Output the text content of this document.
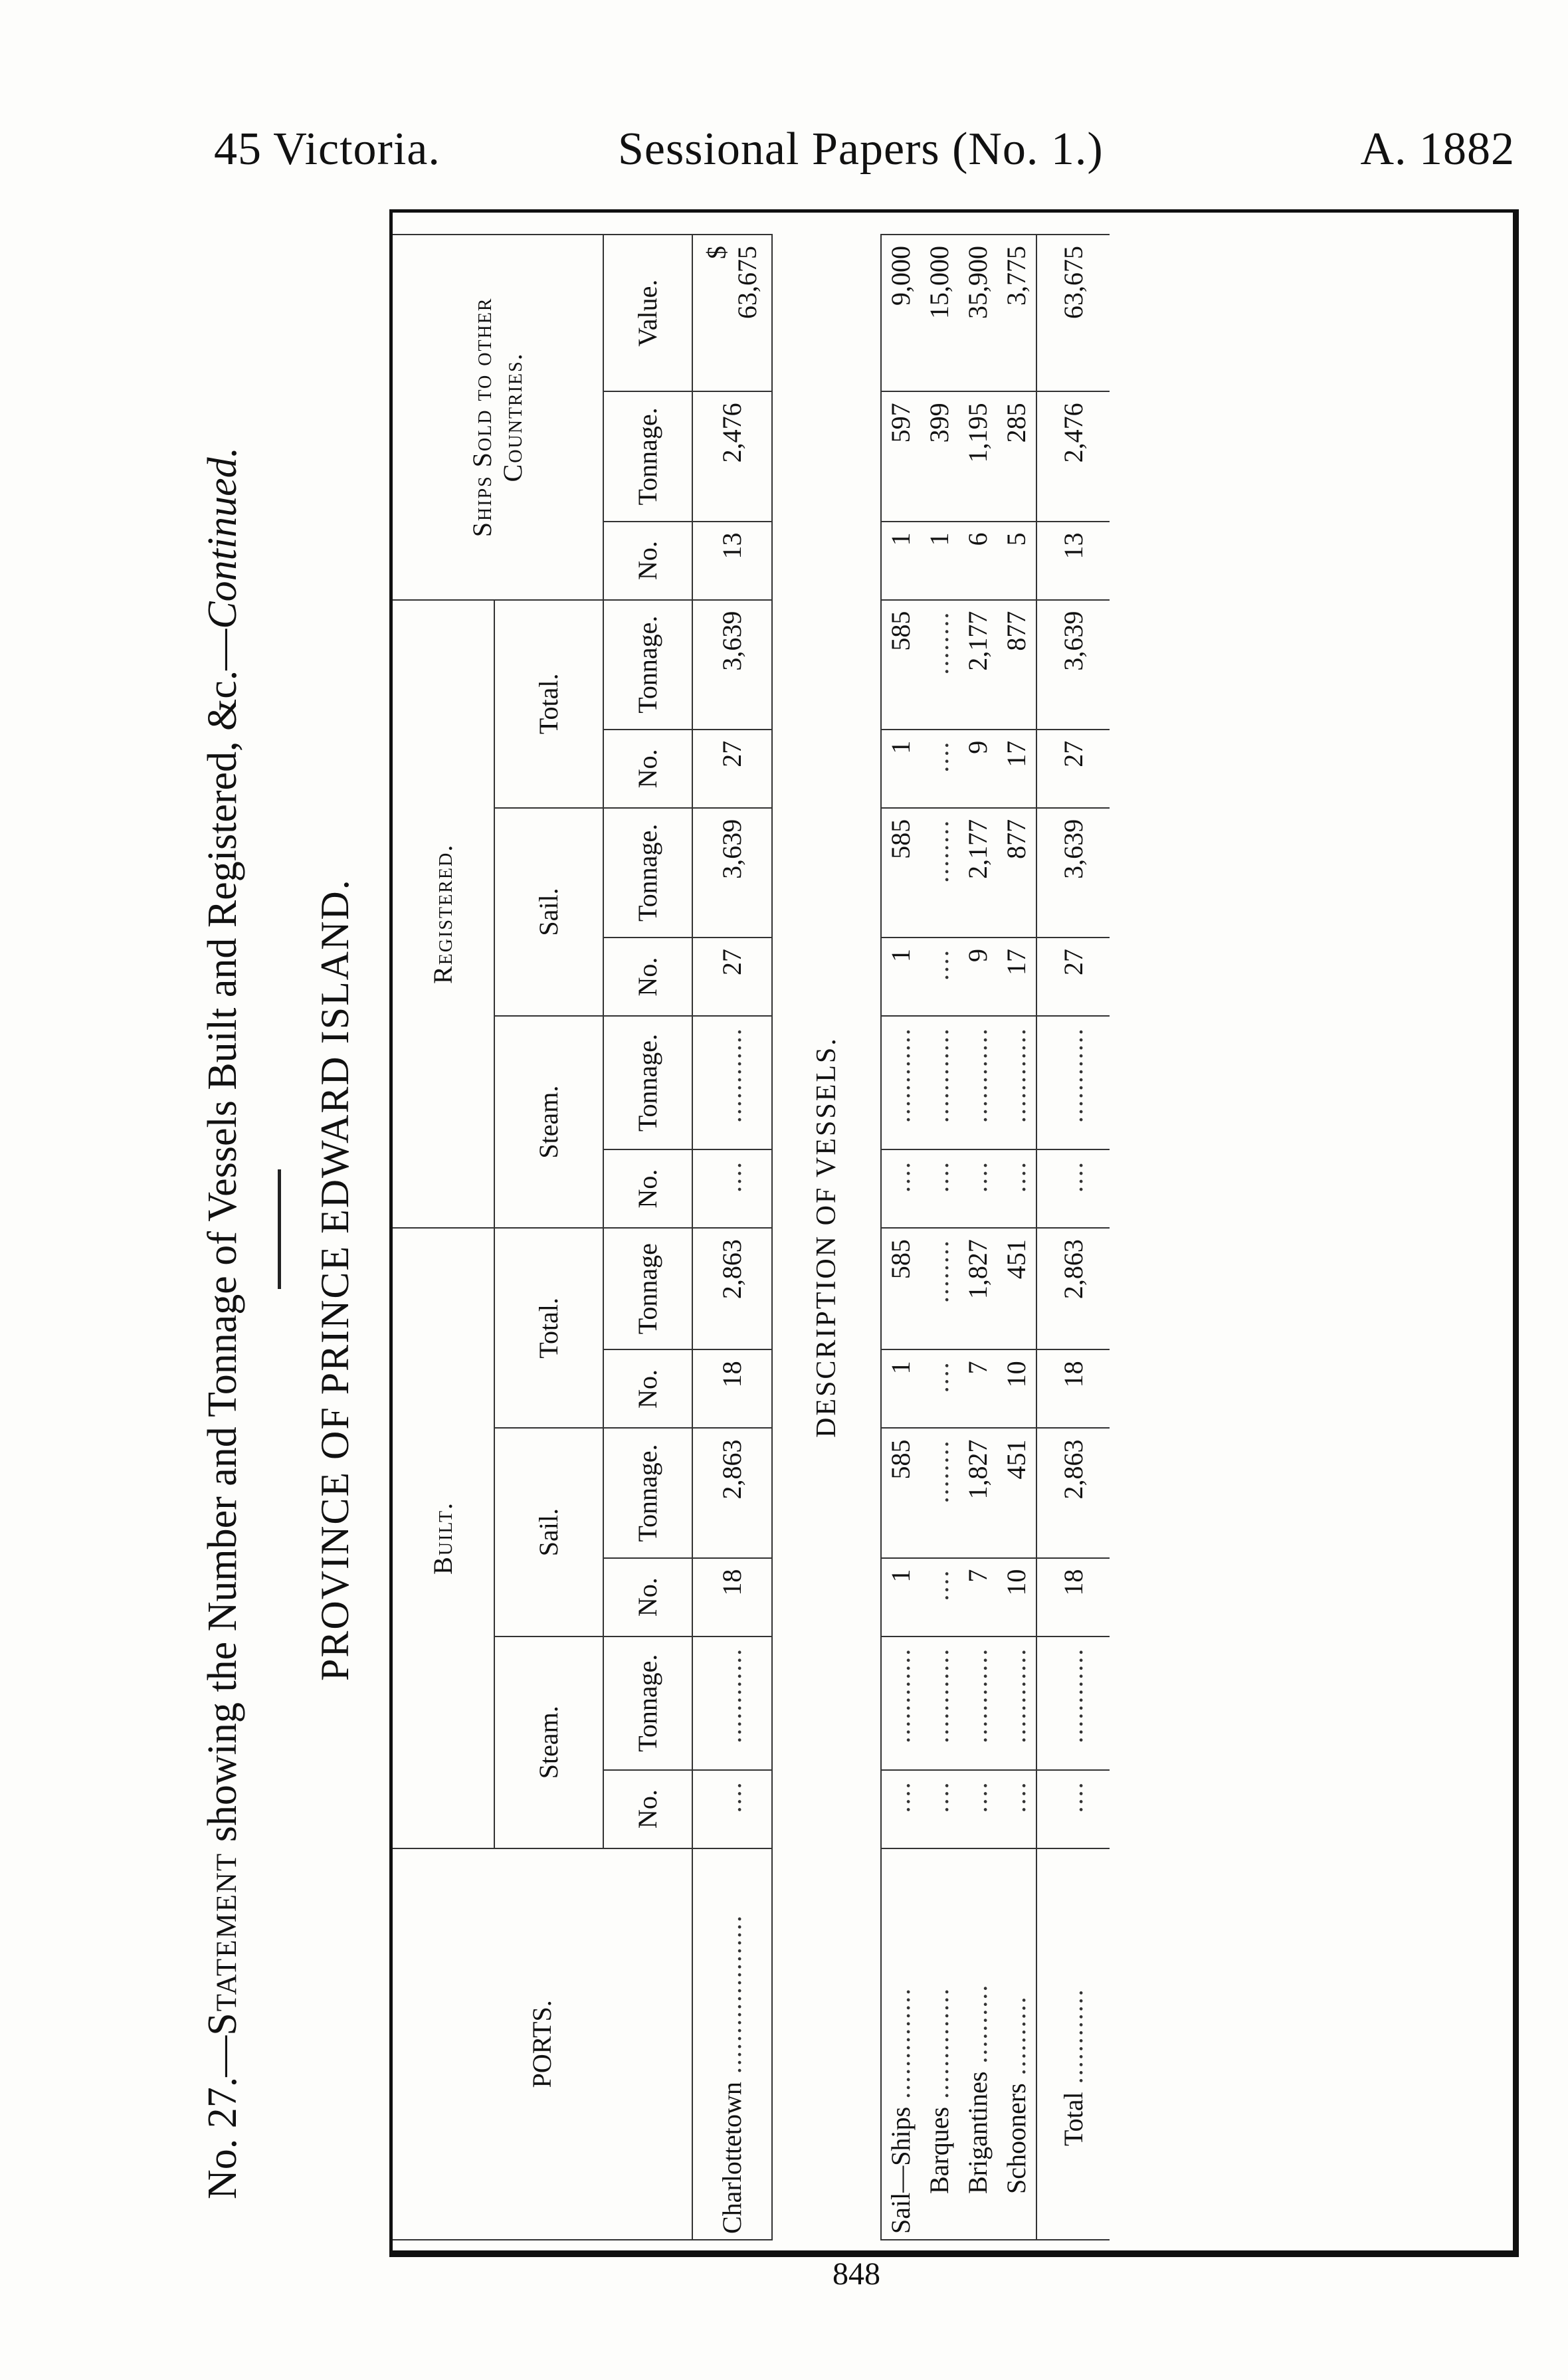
45 Victoria.	Sessional Papers (No. 1.)	A. 1882
No. 27.—Statement showing the Number and Tonnage of Vessels Built and Registered, &c.—Continued.
PROVINCE OF PRINCE EDWARD ISLAND.
PORTS.	Built.						Registered.						Ships Sold to other Countries.		
	Steam.		Sail.		Total.		Steam.		Sail.		Total.				
	No.	Tonnage.	No.	Tonnage.	No.	Tonnage	No.	Tonnage.	No.	Tonnage.	No.	Tonnage.	No.	Tonnage.	Value.
Charlottetown ....................	....	............	18	2,863	18	2,863	....	............	27	3,639	27	3,639	13	2,476	$ 63,675

DESCRIPTION OF VESSELS.															
Sail—Ships ..............	....	............	1	585	1	585	....	............	1	585	1	585	1	597	9,000
Barques ..............	....	............	....	........	....	........	....	............	....	........	....	........	1	399	15,000
Brigantines ..........	....	............	7	1,827	7	1,827	....	............	9	2,177	9	2,177	6	1,195	35,900
Schooners ..........	....	............	10	451	10	451	....	............	17	877	17	877	5	285	3,775
Total ............	....	............	18	2,863	18	2,863	....	............	27	3,639	27	3,639	13	2,476	63,675
848
